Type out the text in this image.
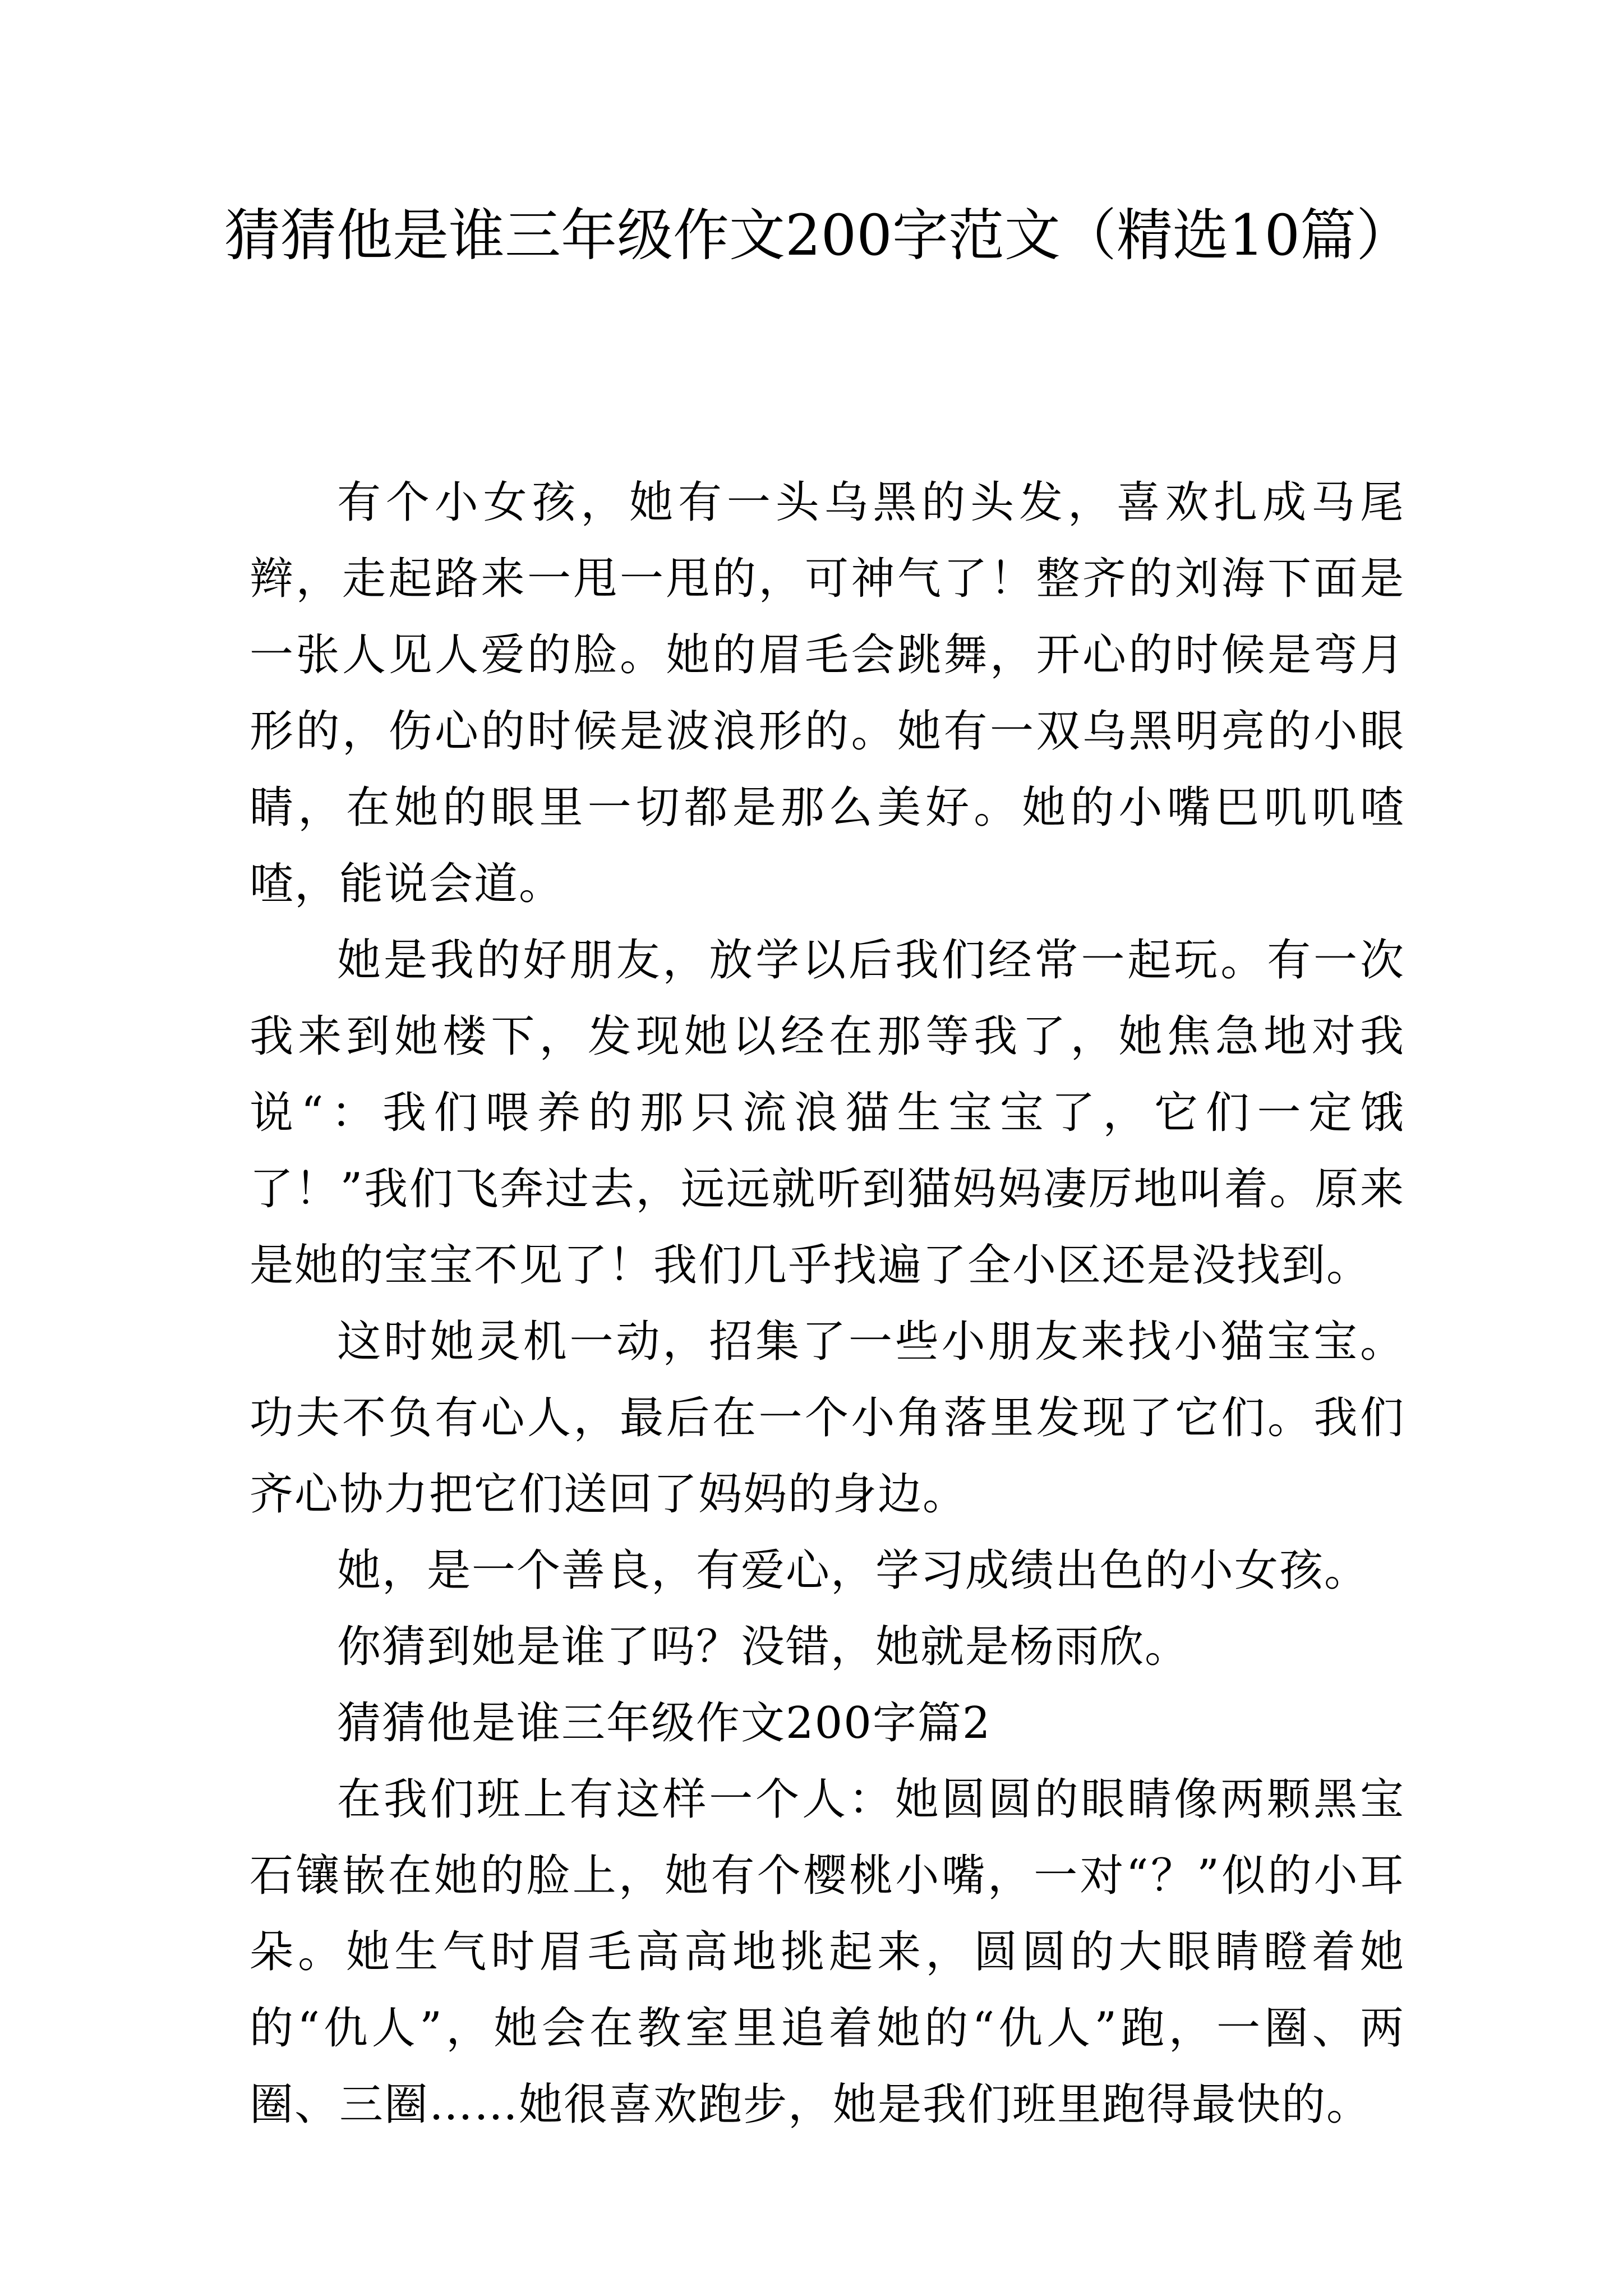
猜猜他是谁三年级作文200字范文（精选10篇）

有个小女孩，她有一头乌黑的头发，喜欢扎成马尾辫，走起路来一甩一甩的，可神气了！整齐的刘海下面是一张人见人爱的脸。她的眉毛会跳舞，开心的时候是弯月形的，伤心的时候是波浪形的。她有一双乌黑明亮的小眼睛，在她的眼里一切都是那么美好。她的小嘴巴叽叽喳喳，能说会道。

她是我的好朋友，放学以后我们经常一起玩。有一次我来到她楼下，发现她以经在那等我了，她焦急地对我说“：我们喂养的那只流浪猫生宝宝了，它们一定饿了！”我们飞奔过去，远远就听到猫妈妈凄厉地叫着。原来是她的宝宝不见了！我们几乎找遍了全小区还是没找到。

这时她灵机一动，招集了一些小朋友来找小猫宝宝。功夫不负有心人，最后在一个小角落里发现了它们。我们齐心协力把它们送回了妈妈的身边。

她，是一个善良，有爱心，学习成绩出色的小女孩。

你猜到她是谁了吗？没错，她就是杨雨欣。

猜猜他是谁三年级作文200字篇2

在我们班上有这样一个人：她圆圆的眼睛像两颗黑宝石镶嵌在她的脸上，她有个樱桃小嘴，一对“？”似的小耳朵。她生气时眉毛高高地挑起来，圆圆的大眼睛瞪着她的“仇人”，她会在教室里追着她的“仇人”跑，一圈、两圈、三圈……她很喜欢跑步，她是我们班里跑得最快的。
